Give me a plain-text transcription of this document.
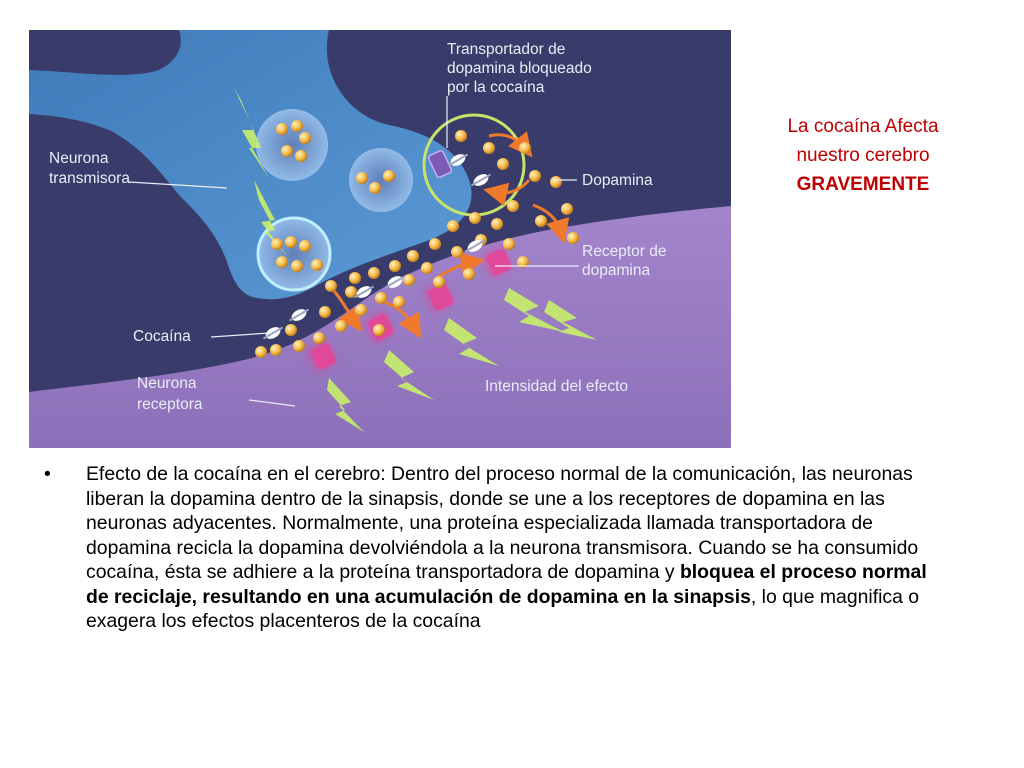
Transportador de dopamina bloqueado por la cocaína
Neurona transmisora	Dopamina
Receptor de dopamina
Cocaína
Neurona receptora
Intensidad del efecto
La cocaína Afecta
nuestro cerebro
GRAVEMENTE
• Efecto de la cocaína en el cerebro: Dentro del proceso normal de la comunicación, las neuronas liberan la dopamina dentro de la sinapsis, donde se une a los receptores de dopamina en las neuronas adyacentes. Normalmente, una proteína especializada llamada transportadora de dopamina recicla la dopamina devolviéndola a la neurona transmisora. Cuando se ha consumido cocaína, ésta se adhiere a la proteína transportadora de dopamina y bloquea el proceso normal de reciclaje, resultando en una acumulación de dopamina en la sinapsis, lo que magnifica o exagera los efectos placenteros de la cocaína
